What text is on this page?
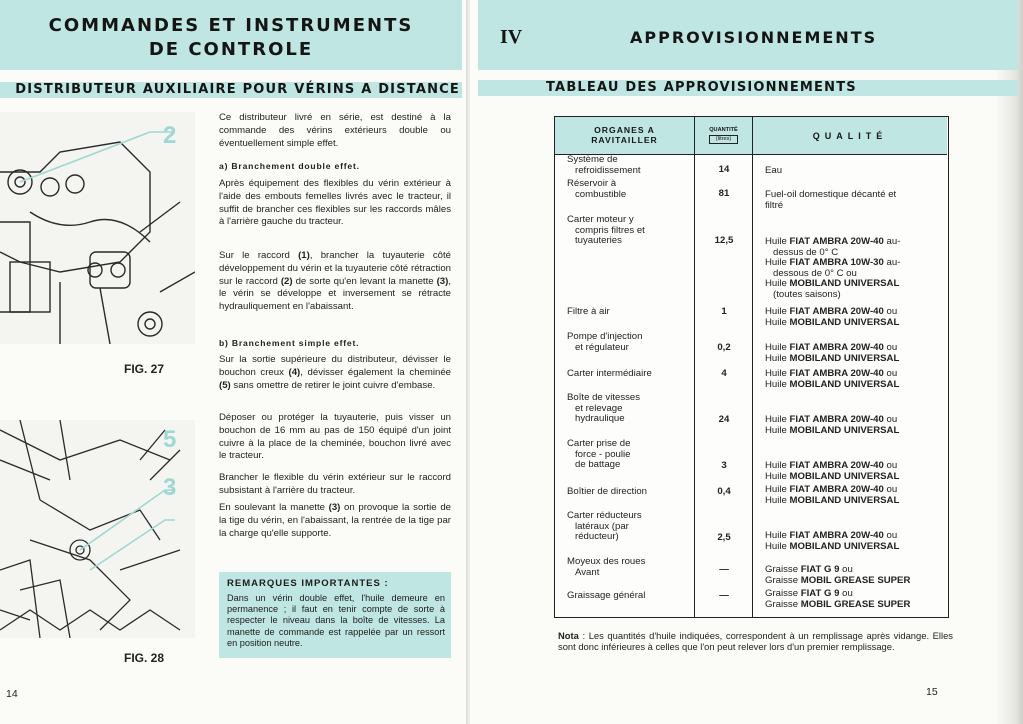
COMMANDES ET INSTRUMENTS
DE CONTROLE
DISTRIBUTEUR AUXILIAIRE POUR VÉRINS A DISTANCE
2
FIG. 27
5
3
FIG. 28
Ce distributeur livré en série, est destiné à la commande des vérins extérieurs double ou éventuellement simple effet.
a) Branchement double effet.
Après équipement des flexibles du vérin extérieur à l'aide des embouts femelles livrés avec le tracteur, il suffit de brancher ces flexibles sur les raccords mâles à l'arrière gauche du tracteur.
Sur le raccord (1), brancher la tuyauterie côté développement du vérin et la tuyauterie côté rétraction sur le raccord (2) de sorte qu'en levant la manette (3), le vérin se développe et inversement se rétracte hydrauliquement en l'abaissant.
b) Branchement simple effet.
Sur la sortie supérieure du distributeur, dévisser le bouchon creux (4), dévisser également la cheminée (5) sans omettre de retirer le joint cuivre d'embase.
Déposer ou protéger la tuyauterie, puis visser un bouchon de 16 mm au pas de 150 équipé d'un joint cuivre à la place de la cheminée, bouchon livré avec le tracteur.
Brancher le flexible du vérin extérieur sur le raccord subsistant à l'arrière du tracteur.
En soulevant la manette (3) on provoque la sortie de la tige du vérin, en l'abaissant, la rentrée de la tige par la charge qu'elle supporte.
REMARQUES IMPORTANTES :
Dans un vérin double effet, l'huile demeure en permanence ; il faut en tenir compte de sorte à respecter le niveau dans la boîte de vitesses. La manette de commande est rappelée par un ressort en position neutre.
14
IV	APPROVISIONNEMENTS
TABLEAU DES APPROVISIONNEMENTS
15
ORGANES A
RAVITAILLER
QUANTITÉ
(litres)	QUALITÉ
Système de
refroidissement	14	Eau
Réservoir à
combustible	81	Fuel-oil domestique décanté et
filtré
Carter moteur y
compris filtres et
tuyauteries	12,5	Huile FIAT AMBRA 20W-40 au-
dessus de 0° C
Huile FIAT AMBRA 10W-30 au-
dessous de 0° C ou
Huile MOBILAND UNIVERSAL
(toutes saisons)
Filtre à air	1	Huile FIAT AMBRA 20W-40 ou
Huile MOBILAND UNIVERSAL
Pompe d'injection
et régulateur	0,2	Huile FIAT AMBRA 20W-40 ou
Huile MOBILAND UNIVERSAL
Carter intermédiaire	4	Huile FIAT AMBRA 20W-40 ou
Huile MOBILAND UNIVERSAL
Boîte de vitesses
et relevage
hydraulique	24	Huile FIAT AMBRA 20W-40 ou
Huile MOBILAND UNIVERSAL
Carter prise de
force - poulie
de battage	3	Huile FIAT AMBRA 20W-40 ou
Huile MOBILAND UNIVERSAL
Boîtier de direction	0,4	Huile FIAT AMBRA 20W-40 ou
Huile MOBILAND UNIVERSAL
Carter réducteurs
latéraux (par
réducteur)	2,5	Huile FIAT AMBRA 20W-40 ou
Huile MOBILAND UNIVERSAL
Moyeux des roues
Avant	—	Graisse FIAT G 9 ou
Graisse MOBIL GREASE SUPER
Graissage général	—	Graisse FIAT G 9 ou
Graisse MOBIL GREASE SUPER
Nota : Les quantités d'huile indiquées, correspondent à un remplissage après vidange. Elles sont donc inférieures à celles que l'on peut relever lors d'un premier remplissage.
